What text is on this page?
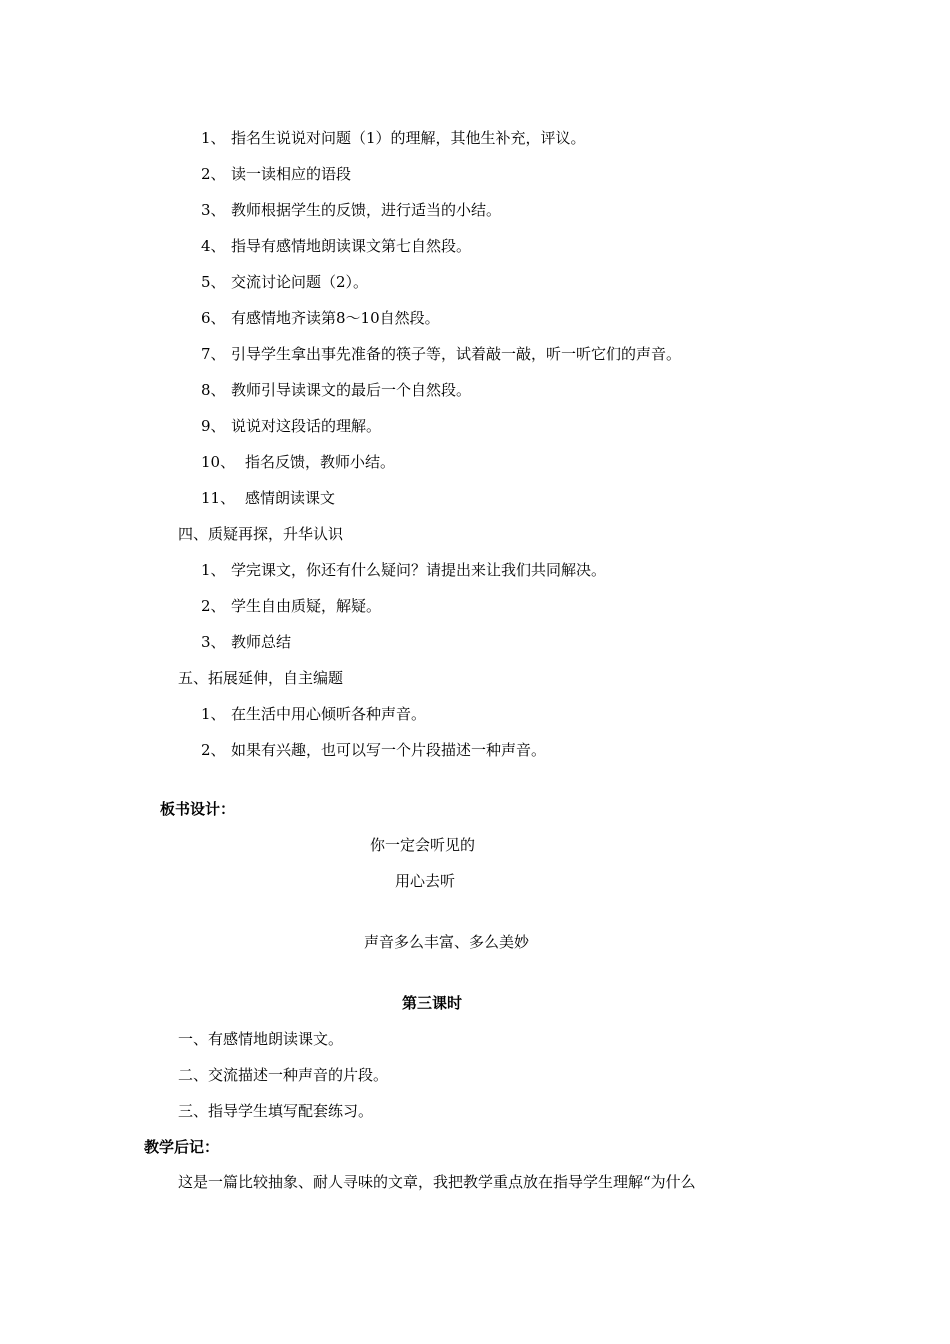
1、 指名生说说对问题（1）的理解，其他生补充，评议。
2、 读一读相应的语段
3、 教师根据学生的反馈，进行适当的小结。
4、 指导有感情地朗读课文第七自然段。
5、 交流讨论问题（2）。
6、 有感情地齐读第8～10自然段。
7、 引导学生拿出事先准备的筷子等，试着敲一敲，听一听它们的声音。
8、 教师引导读课文的最后一个自然段。
9、 说说对这段话的理解。
10、 指名反馈，教师小结。
11、 感情朗读课文
四、质疑再探，升华认识
1、 学完课文，你还有什么疑问？请提出来让我们共同解决。
2、 学生自由质疑，解疑。
3、 教师总结
五、拓展延伸，自主编题
1、 在生活中用心倾听各种声音。
2、 如果有兴趣，也可以写一个片段描述一种声音。
板书设计：
你一定会听见的
用心去听
声音多么丰富、多么美妙
第三课时
一、有感情地朗读课文。
二、交流描述一种声音的片段。
三、指导学生填写配套练习。
教学后记：
这是一篇比较抽象、耐人寻味的文章，我把教学重点放在指导学生理解“为什么
